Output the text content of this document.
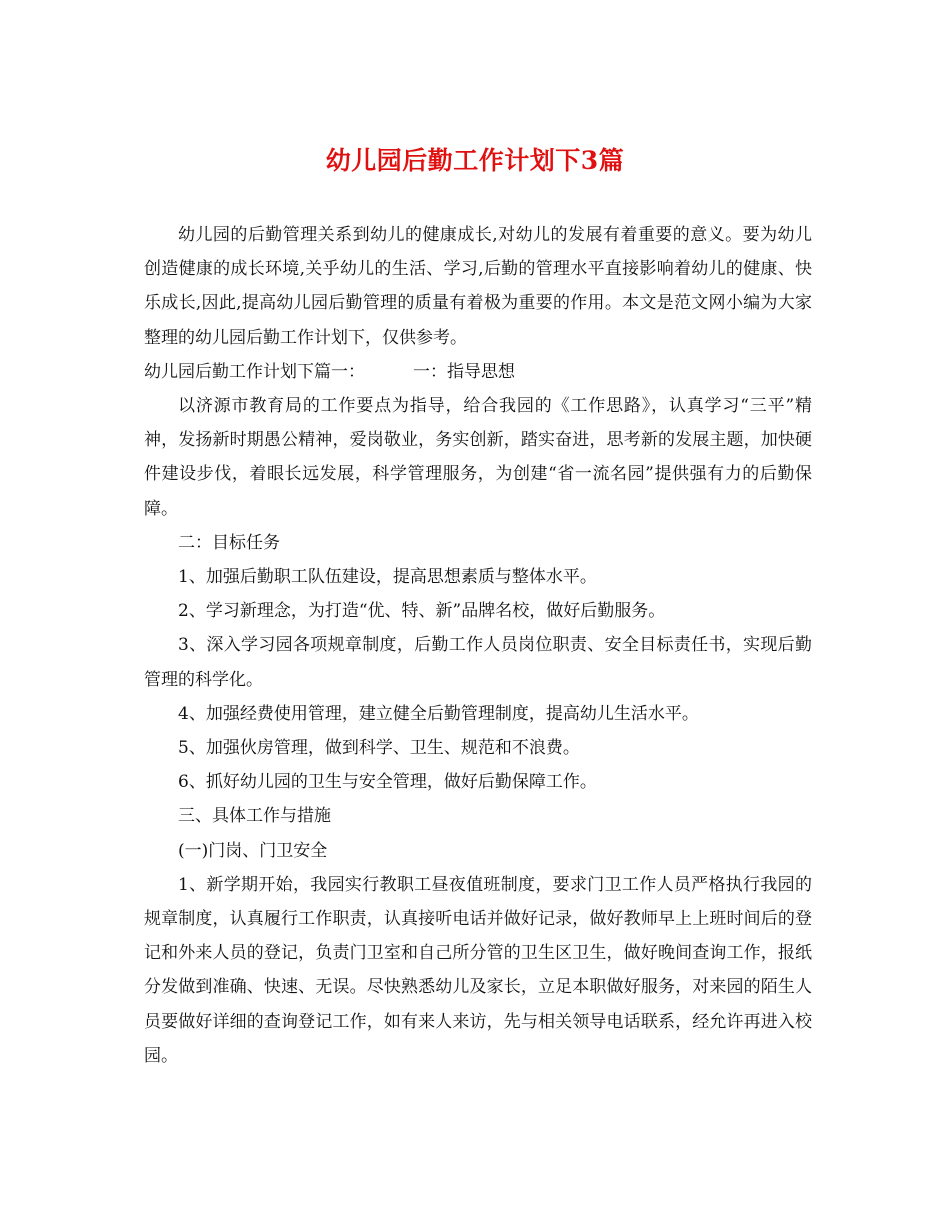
幼儿园后勤工作计划下3篇

幼儿园的后勤管理关系到幼儿的健康成长,对幼儿的发展有着重要的意义。要为幼儿创造健康的成长环境,关乎幼儿的生活、学习,后勤的管理水平直接影响着幼儿的健康、快乐成长,因此,提高幼儿园后勤管理的质量有着极为重要的作用。本文是范文网小编为大家整理的幼儿园后勤工作计划下，仅供参考。

幼儿园后勤工作计划下篇一：	一：指导思想

以济源市教育局的工作要点为指导，给合我园的《工作思路》，认真学习“三平”精神，发扬新时期愚公精神，爱岗敬业，务实创新，踏实奋进，思考新的发展主题，加快硬件建设步伐，着眼长远发展，科学管理服务，为创建“省一流名园”提供强有力的后勤保障。

二：目标任务

1、加强后勤职工队伍建设，提高思想素质与整体水平。

2、学习新理念，为打造“优、特、新”品牌名校，做好后勤服务。

3、深入学习园各项规章制度，后勤工作人员岗位职责、安全目标责任书，实现后勤管理的科学化。

4、加强经费使用管理，建立健全后勤管理制度，提高幼儿生活水平。

5、加强伙房管理，做到科学、卫生、规范和不浪费。

6、抓好幼儿园的卫生与安全管理，做好后勤保障工作。

三、具体工作与措施

(一)门岗、门卫安全

1、新学期开始，我园实行教职工昼夜值班制度，要求门卫工作人员严格执行我园的规章制度，认真履行工作职责，认真接听电话并做好记录，做好教师早上上班时间后的登记和外来人员的登记，负责门卫室和自己所分管的卫生区卫生，做好晚间查询工作，报纸分发做到准确、快速、无误。尽快熟悉幼儿及家长，立足本职做好服务，对来园的陌生人员要做好详细的查询登记工作，如有来人来访，先与相关领导电话联系，经允许再进入校园。
